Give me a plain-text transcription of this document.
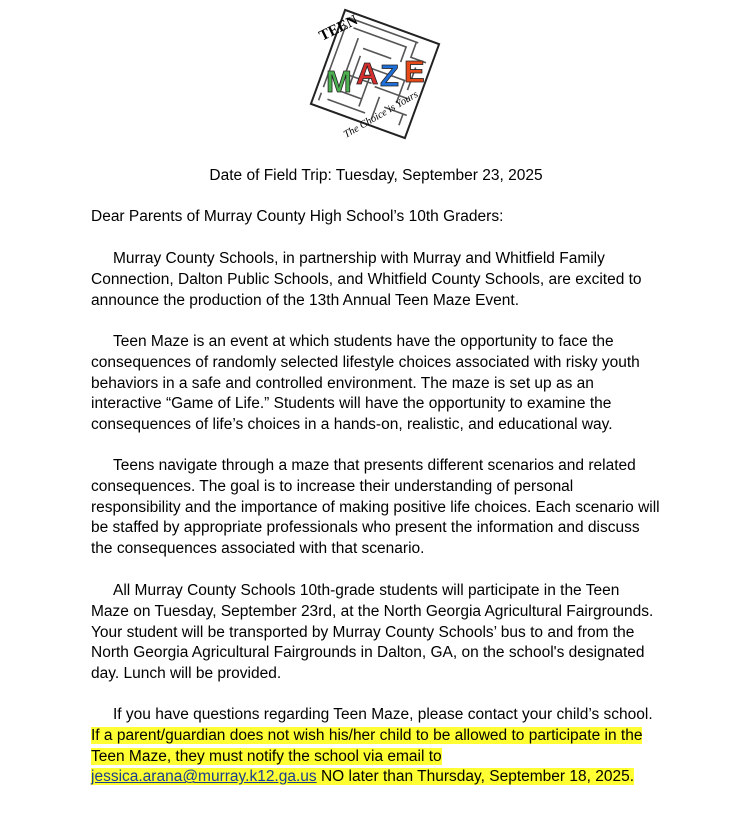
TEEN
M A Z E
The Choice is Yours

Date of Field Trip: Tuesday, September 23, 2025

Dear Parents of Murray County High School’s 10th Graders:

Murray County Schools, in partnership with Murray and Whitfield Family Connection, Dalton Public Schools, and Whitfield County Schools, are excited to announce the production of the 13th Annual Teen Maze Event.

Teen Maze is an event at which students have the opportunity to face the consequences of randomly selected lifestyle choices associated with risky youth behaviors in a safe and controlled environment. The maze is set up as an interactive “Game of Life.” Students will have the opportunity to examine the consequences of life’s choices in a hands-on, realistic, and educational way.

Teens navigate through a maze that presents different scenarios and related consequences. The goal is to increase their understanding of personal responsibility and the importance of making positive life choices. Each scenario will be staffed by appropriate professionals who present the information and discuss the consequences associated with that scenario.

All Murray County Schools 10th-grade students will participate in the Teen Maze on Tuesday, September 23rd, at the North Georgia Agricultural Fairgrounds. Your student will be transported by Murray County Schools’ bus to and from the North Georgia Agricultural Fairgrounds in Dalton, GA, on the school's designated day. Lunch will be provided.

If you have questions regarding Teen Maze, please contact your child’s school. If a parent/guardian does not wish his/her child to be allowed to participate in the Teen Maze, they must notify the school via email to jessica.arana@murray.k12.ga.us NO later than Thursday, September 18, 2025.
